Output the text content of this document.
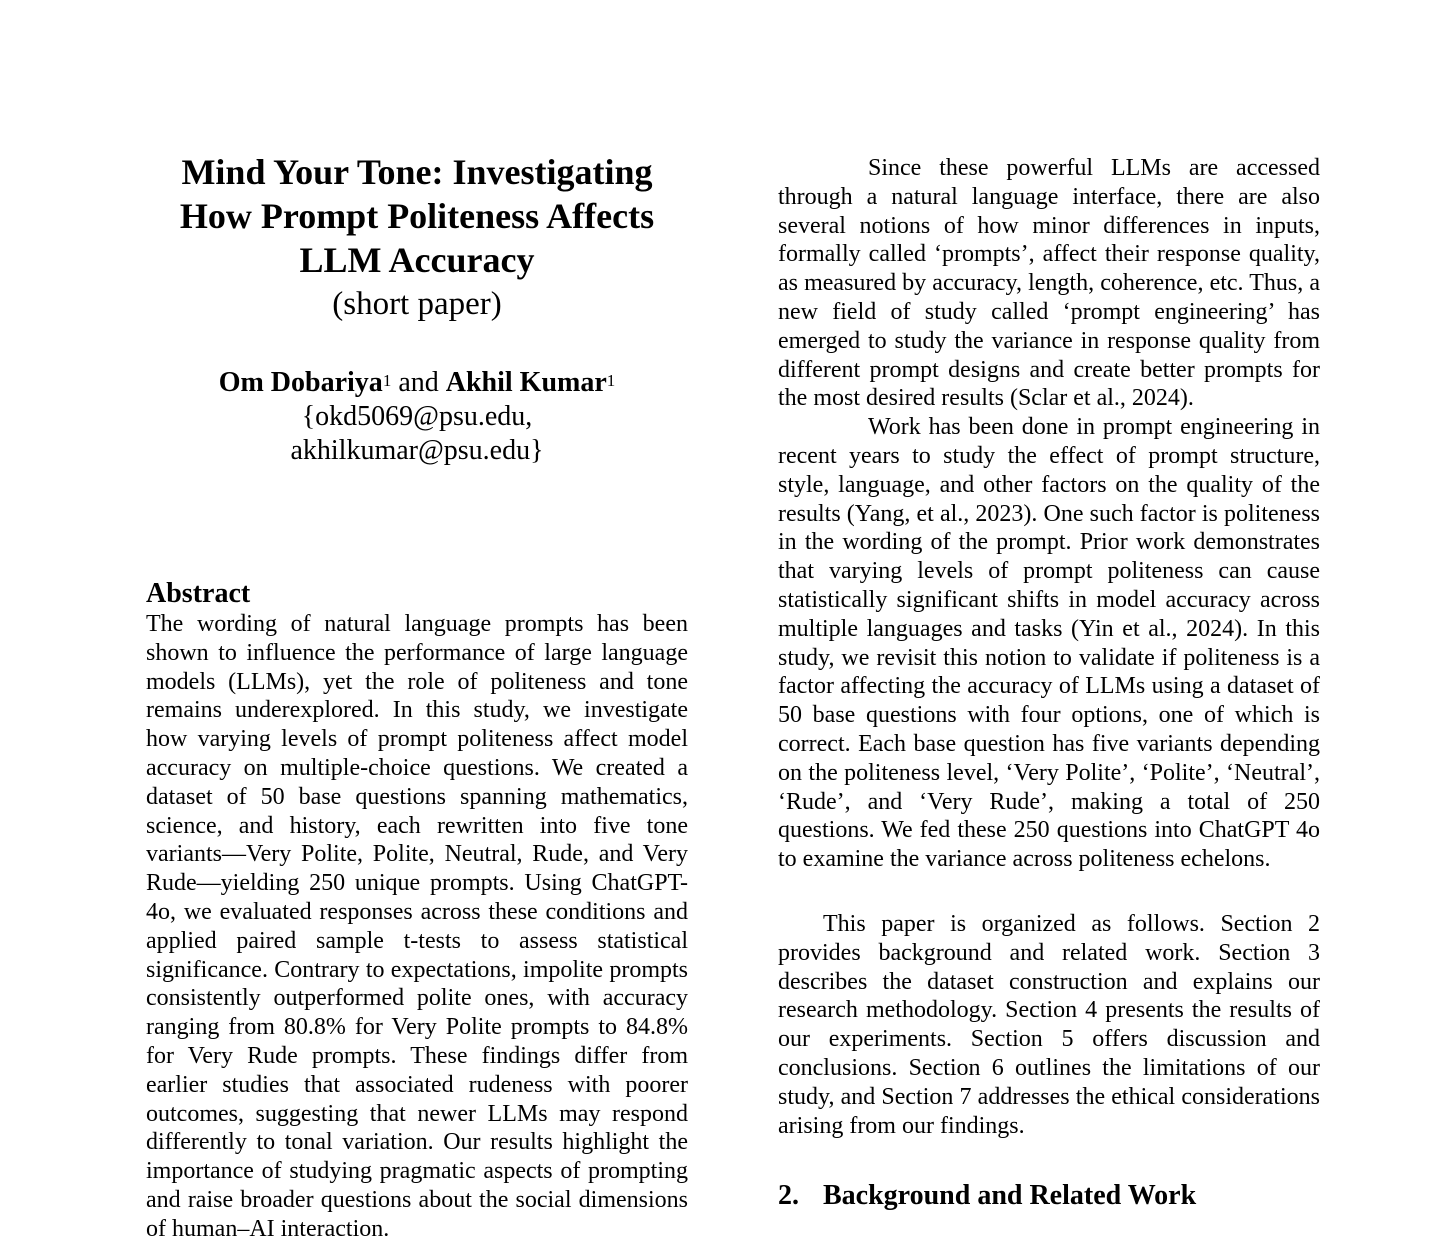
Mind Your Tone: Investigating
How Prompt Politeness Affects
LLM Accuracy
(short paper)
Om Dobariya$^1$ and Akhil Kumar$^1$
{okd5069@psu.edu,
akhilkumar@psu.edu}
Abstract
The wording of natural language prompts has been shown to influence the performance of large language models (LLMs), yet the role of politeness and tone remains underexplored. In this study, we investigate how varying levels of prompt politeness affect model accuracy on multiple-choice questions. We created a dataset of 50 base questions spanning mathematics, science, and history, each rewritten into five tone variants—Very Polite, Polite, Neutral, Rude, and Very Rude—yielding 250 unique prompts. Using ChatGPT-4o, we evaluated responses across these conditions and applied paired sample t-tests to assess statistical significance. Contrary to expectations, impolite prompts consistently outperformed polite ones, with accuracy ranging from 80.8% for Very Polite prompts to 84.8% for Very Rude prompts. These findings differ from earlier studies that associated rudeness with poorer outcomes, suggesting that newer LLMs may respond differently to tonal variation. Our results highlight the importance of studying pragmatic aspects of prompting and raise broader questions about the social dimensions of human–AI interaction.

Since these powerful LLMs are accessed through a natural language interface, there are also several notions of how minor differences in inputs, formally called ‘prompts’, affect their response quality, as measured by accuracy, length, coherence, etc. Thus, a new field of study called ‘prompt engineering’ has emerged to study the variance in response quality from different prompt designs and create better prompts for the most desired results (Sclar et al., 2024).

Work has been done in prompt engineering in recent years to study the effect of prompt structure, style, language, and other factors on the quality of the results (Yang, et al., 2023). One such factor is politeness in the wording of the prompt. Prior work demonstrates that varying levels of prompt politeness can cause statistically significant shifts in model accuracy across multiple languages and tasks (Yin et al., 2024). In this study, we revisit this notion to validate if politeness is a factor affecting the accuracy of LLMs using a dataset of 50 base questions with four options, one of which is correct. Each base question has five variants depending on the politeness level, ‘Very Polite’, ‘Polite’, ‘Neutral’, ‘Rude’, and ‘Very Rude’, making a total of 250 questions. We fed these 250 questions into ChatGPT 4o to examine the variance across politeness echelons.

This paper is organized as follows. Section 2 provides background and related work. Section 3 describes the dataset construction and explains our research methodology. Section 4 presents the results of our experiments. Section 5 offers discussion and conclusions. Section 6 outlines the limitations of our study, and Section 7 addresses the ethical considerations arising from our findings.

2. Background and Related Work
